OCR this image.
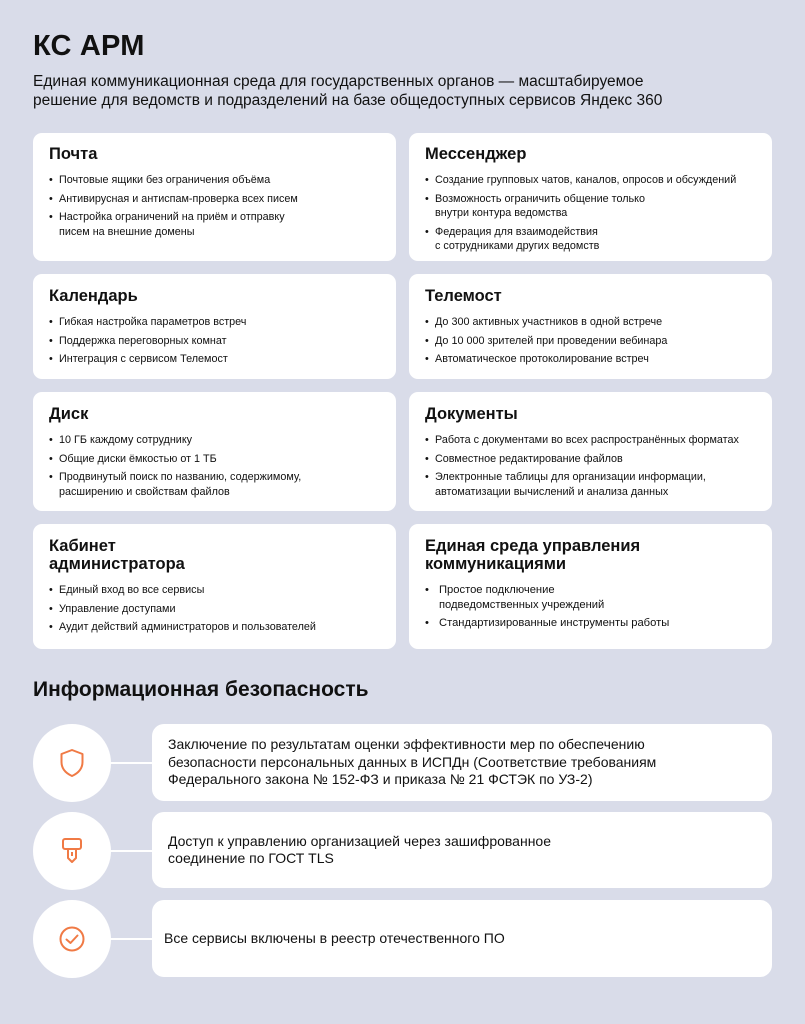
КС АРМ
Единая коммуникационная среда для государственных органов — масштабируемое
решение для ведомств и подразделений на базе общедоступных сервисов Яндекс 360
Почта
• Почтовые ящики без ограничения объёма
• Антивирусная и антиспам-проверка всех писем
• Настройка ограничений на приём и отправку
писем на внешние домены
Мессенджер
• Создание групповых чатов, каналов, опросов и обсуждений
• Возможность ограничить общение только
внутри контура ведомства
• Федерация для взаимодействия
с сотрудниками других ведомств
Календарь
• Гибкая настройка параметров встреч
• Поддержка переговорных комнат
• Интеграция с сервисом Телемост
Телемост
• До 300 активных участников в одной встрече
• До 10 000 зрителей при проведении вебинара
• Автоматическое протоколирование встреч
Диск
• 10 ГБ каждому сотруднику
• Общие диски ёмкостью от 1 ТБ
• Продвинутый поиск по названию, содержимому,
расширению и свойствам файлов
Документы
• Работа с документами во всех распространённых форматах
• Совместное редактирование файлов
• Электронные таблицы для организации информации,
автоматизации вычислений и анализа данных
Кабинет
администратора
• Единый вход во все сервисы
• Управление доступами
• Аудит действий администраторов и пользователей
Единая среда управления
коммуникациями
• Простое подключение
подведомственных учреждений
• Стандартизированные инструменты работы
Информационная безопасность
Заключение по результатам оценки эффективности мер по обеспечению
безопасности персональных данных в ИСПДн (Соответствие требованиям
Федерального закона № 152-ФЗ и приказа № 21 ФСТЭК по УЗ-2)
Доступ к управлению организацией через зашифрованное
соединение по ГОСТ TLS
Все сервисы включены в реестр отечественного ПО
